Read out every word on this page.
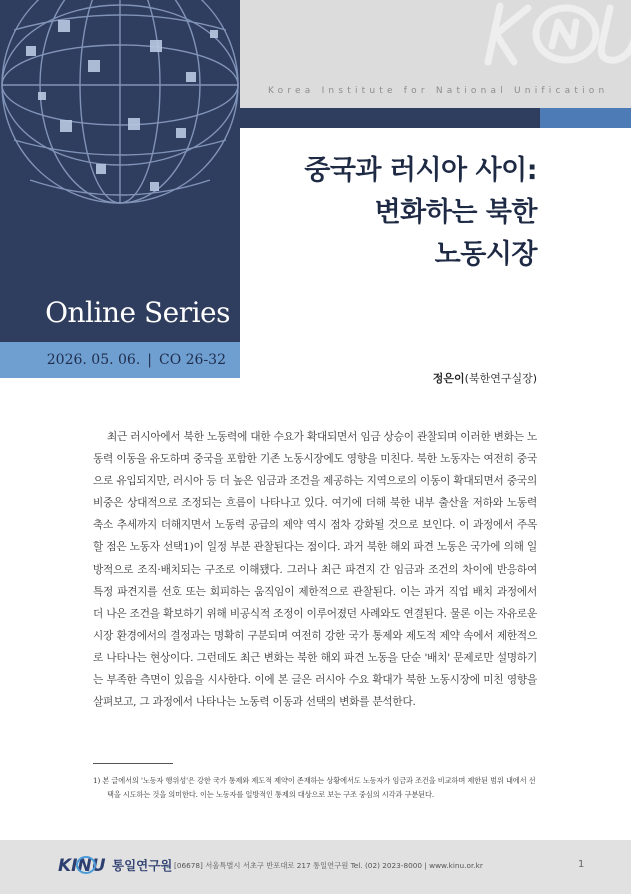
Korea Institute for National Unification
Online Series
2026. 05. 06. | CO 26-32
중국과 러시아 사이:
변화하는 북한
노동시장
정은이(북한연구실장)

최근 러시아에서 북한 노동력에 대한 수요가 확대되면서 임금 상승이 관찰되며 이러한 변화는 노동력 이동을 유도하며 중국을 포함한 기존 노동시장에도 영향을 미친다. 북한 노동자는 여전히 중국으로 유입되지만, 러시아 등 더 높은 임금과 조건을 제공하는 지역으로의 이동이 확대되면서 중국의 비중은 상대적으로 조정되는 흐름이 나타나고 있다. 여기에 더해 북한 내부 출산율 저하와 노동력 축소 추세까지 더해지면서 노동력 공급의 제약 역시 점차 강화될 것으로 보인다. 이 과정에서 주목할 점은 노동자 선택1)이 일정 부분 관찰된다는 점이다. 과거 북한 해외 파견 노동은 국가에 의해 일방적으로 조직·배치되는 구조로 이해됐다. 그러나 최근 파견지 간 임금과 조건의 차이에 반응하여 특정 파견지를 선호 또는 회피하는 움직임이 제한적으로 관찰된다. 이는 과거 직업 배치 과정에서 더 나은 조건을 확보하기 위해 비공식적 조정이 이루어졌던 사례와도 연결된다. 물론 이는 자유로운 시장 환경에서의 결정과는 명확히 구분되며 여전히 강한 국가 통제와 제도적 제약 속에서 제한적으로 나타나는 현상이다. 그런데도 최근 변화는 북한 해외 파견 노동을 단순 '배치' 문제로만 설명하기는 부족한 측면이 있음을 시사한다. 이에 본 글은 러시아 수요 확대가 북한 노동시장에 미친 영향을 살펴보고, 그 과정에서 나타나는 노동력 이동과 선택의 변화를 분석한다.

1) 본 글에서의 '노동자 행위성'은 강한 국가 통제와 제도적 제약이 존재하는 상황에서도 노동자가 임금과 조건을 비교하며 제한된 범위 내에서 선택을 시도하는 것을 의미한다. 이는 노동자를 일방적인 통제의 대상으로 보는 구조 중심의 시각과 구분된다.

KINU 통일연구원 [06678] 서울특별시 서초구 반포대로 217 통일연구원 Tel. (02) 2023-8000 | www.kinu.or.kr	1
